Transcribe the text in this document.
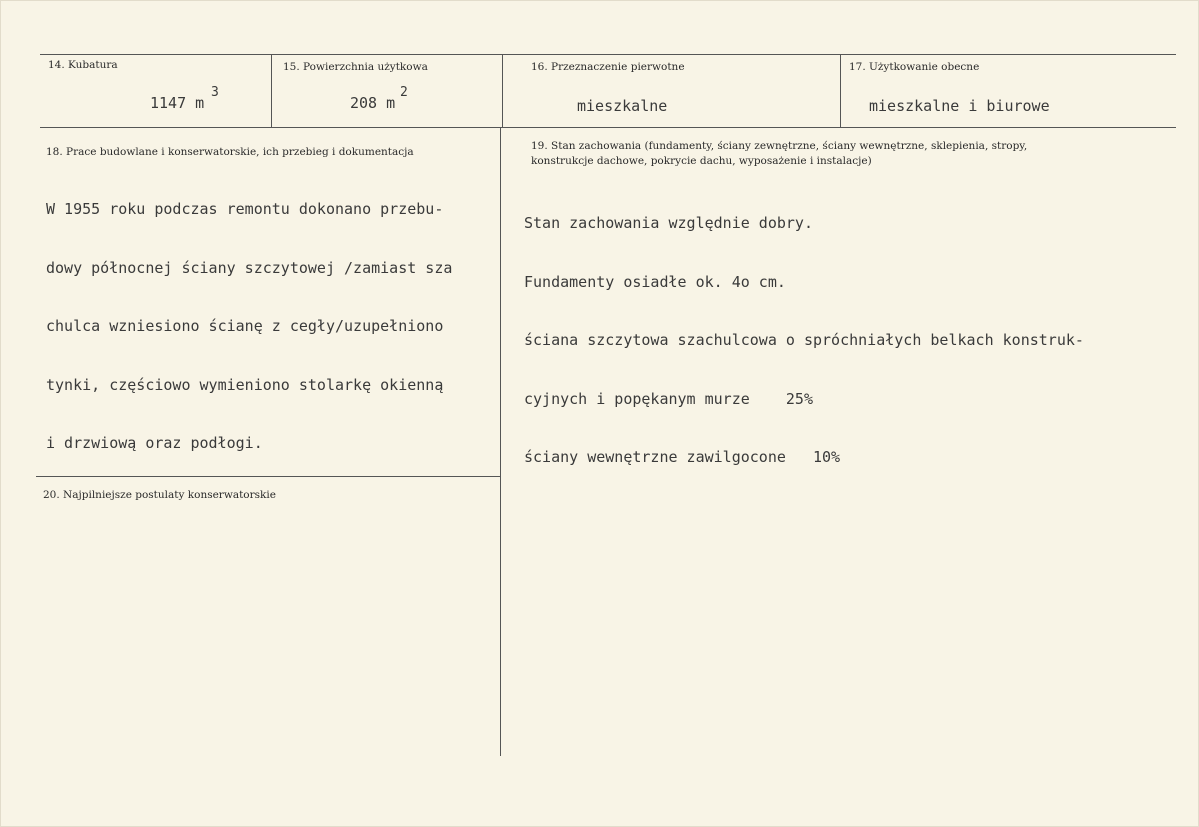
14. Kubatura
1147 m
3
15. Powierzchnia użytkowa
208 m
2
16. Przeznaczenie pierwotne
mieszkalne
17. Użytkowanie obecne
mieszkalne i biurowe
18. Prace budowlane i konserwatorskie, ich przebieg i dokumentacja

W 1955 roku podczas remontu dokonano przebu-

dowy północnej ściany szczytowej /zamiast sza

chulca wzniesiono ścianę z cegły/uzupełniono

tynki, częściowo wymieniono stolarkę okienną

i drzwiową oraz podłogi.

19. Stan zachowania (fundamenty, ściany zewnętrzne, ściany wewnętrzne, sklepienia, stropy,
konstrukcje dachowe, pokrycie dachu, wyposażenie i instalacje)

Stan zachowania względnie dobry.

Fundamenty osiadłe ok. 4o cm.

ściana szczytowa szachulcowa o spróchniałych belkach konstruk-

cyjnych i popękanym murze    25%

ściany wewnętrzne zawilgocone   10%

20. Najpilniejsze postulaty konserwatorskie
